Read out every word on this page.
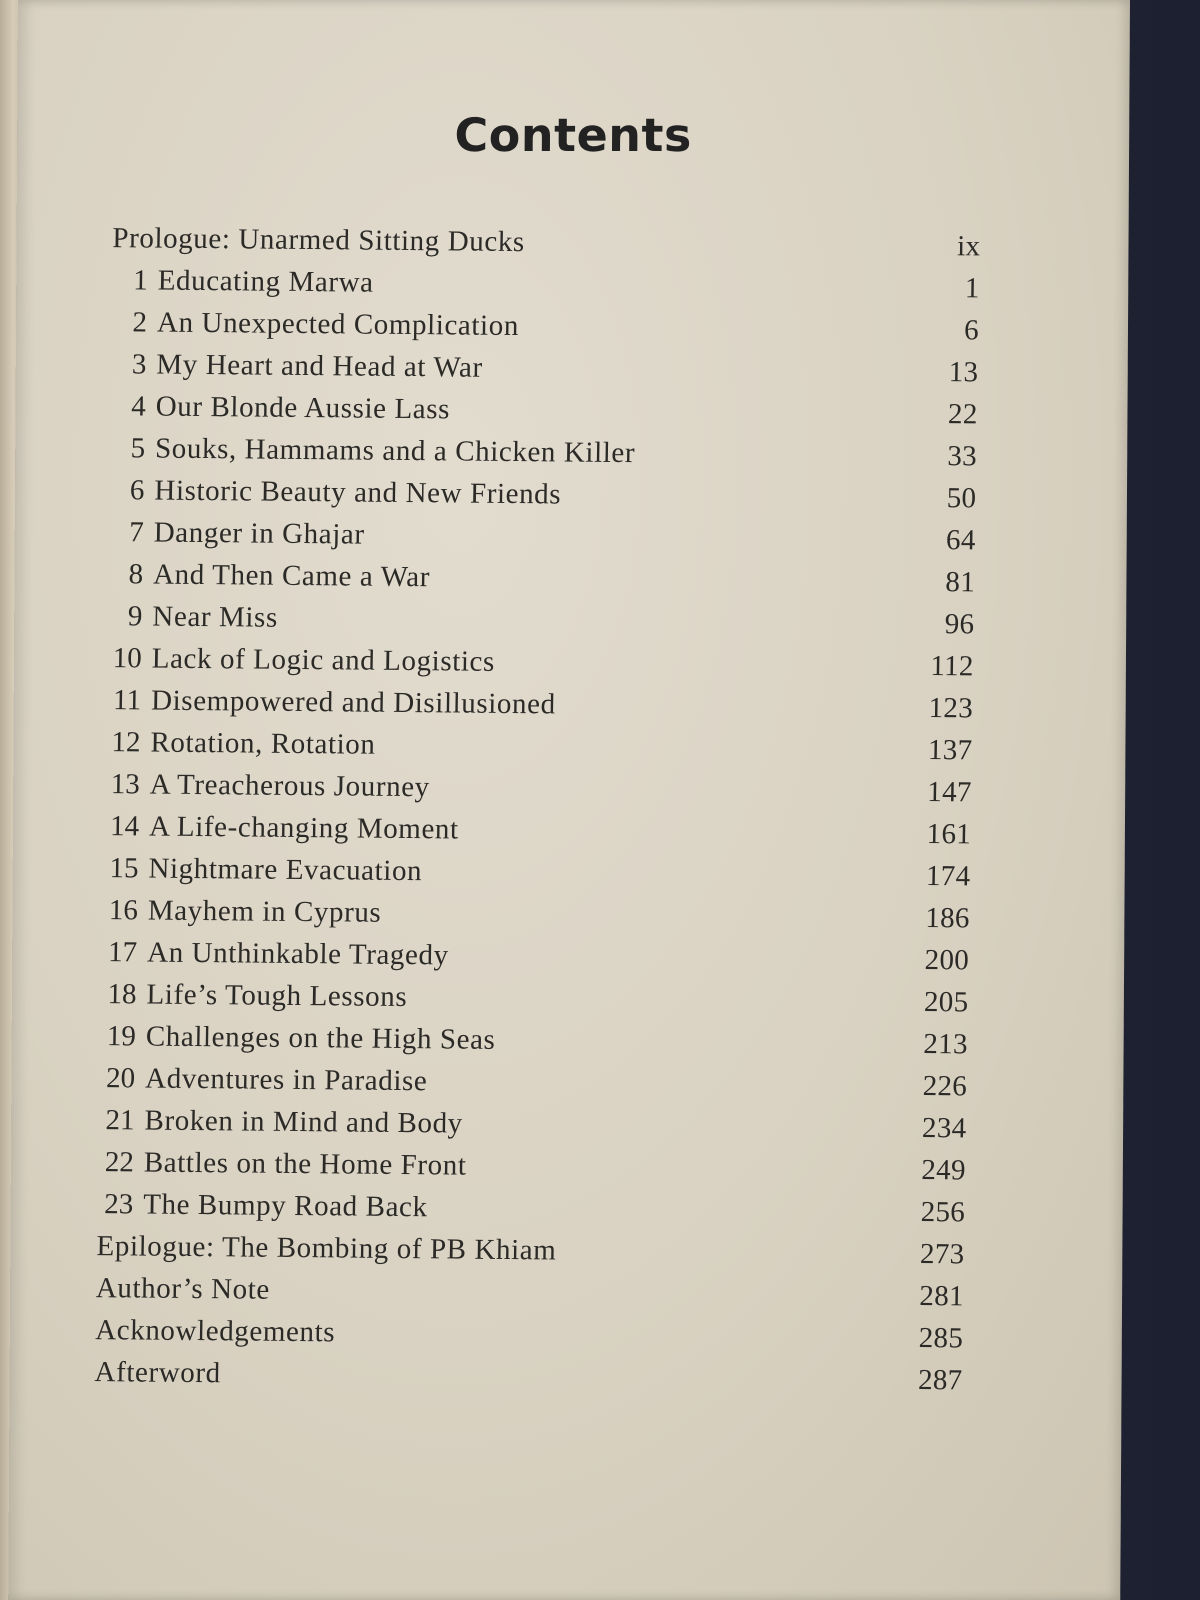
Contents
Prologue: Unarmed Sitting Ducks	ix
1 Educating Marwa	1
2 An Unexpected Complication	6
3 My Heart and Head at War	13
4 Our Blonde Aussie Lass	22
5 Souks, Hammams and a Chicken Killer	33
6 Historic Beauty and New Friends	50
7 Danger in Ghajar	64
8 And Then Came a War	81
9 Near Miss	96
10 Lack of Logic and Logistics	112
11 Disempowered and Disillusioned	123
12 Rotation, Rotation	137
13 A Treacherous Journey	147
14 A Life-changing Moment	161
15 Nightmare Evacuation	174
16 Mayhem in Cyprus	186
17 An Unthinkable Tragedy	200
18 Life’s Tough Lessons	205
19 Challenges on the High Seas	213
20 Adventures in Paradise	226
21 Broken in Mind and Body	234
22 Battles on the Home Front	249
23 The Bumpy Road Back	256
Epilogue: The Bombing of PB Khiam	273
Author’s Note	281
Acknowledgements	285
Afterword	287
